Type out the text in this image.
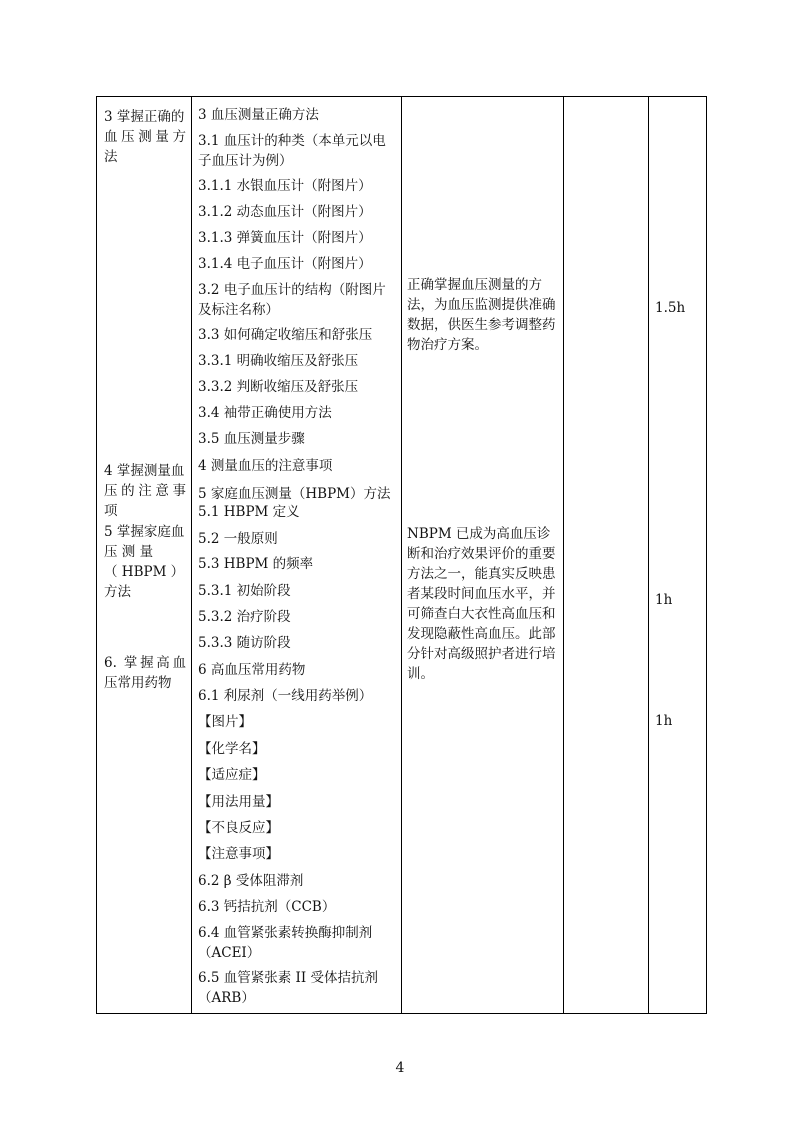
3 掌握正确的
血压测量方
法
4 掌握测量血
压的注意事
项
5 掌握家庭血
压 测 量
（ HBPM ）
方法
6. 掌握高血
压常用药物
3 血压测量正确方法
3.1 血压计的种类（本单元以电子血压计为例）
3.1.1 水银血压计（附图片）
3.1.2 动态血压计（附图片）
3.1.3 弹簧血压计（附图片）
3.1.4 电子血压计（附图片）
3.2 电子血压计的结构（附图片及标注名称）
3.3 如何确定收缩压和舒张压
3.3.1 明确收缩压及舒张压
3.3.2 判断收缩压及舒张压
3.4 袖带正确使用方法
3.5 血压测量步骤
4 测量血压的注意事项
5 家庭血压测量（HBPM）方法
5.1 HBPM 定义
5.2 一般原则
5.3 HBPM 的频率
5.3.1 初始阶段
5.3.2 治疗阶段
5.3.3 随访阶段
6 高血压常用药物
6.1 利尿剂（一线用药举例）
【图片】
【化学名】
【适应症】
【用法用量】
【不良反应】
【注意事项】
6.2 β 受体阻滞剂
6.3 钙拮抗剂（CCB）
6.4 血管紧张素转换酶抑制剂（ACEI）
6.5 血管紧张素 II 受体拮抗剂（ARB）
正确掌握血压测量的方法，为血压监测提供准确数据，供医生参考调整药物治疗方案。
NBPM 已成为高血压诊断和治疗效果评价的重要方法之一，能真实反映患者某段时间血压水平，并可筛查白大衣性高血压和发现隐蔽性高血压。此部分针对高级照护者进行培训。
1.5h
1h
1h
4
